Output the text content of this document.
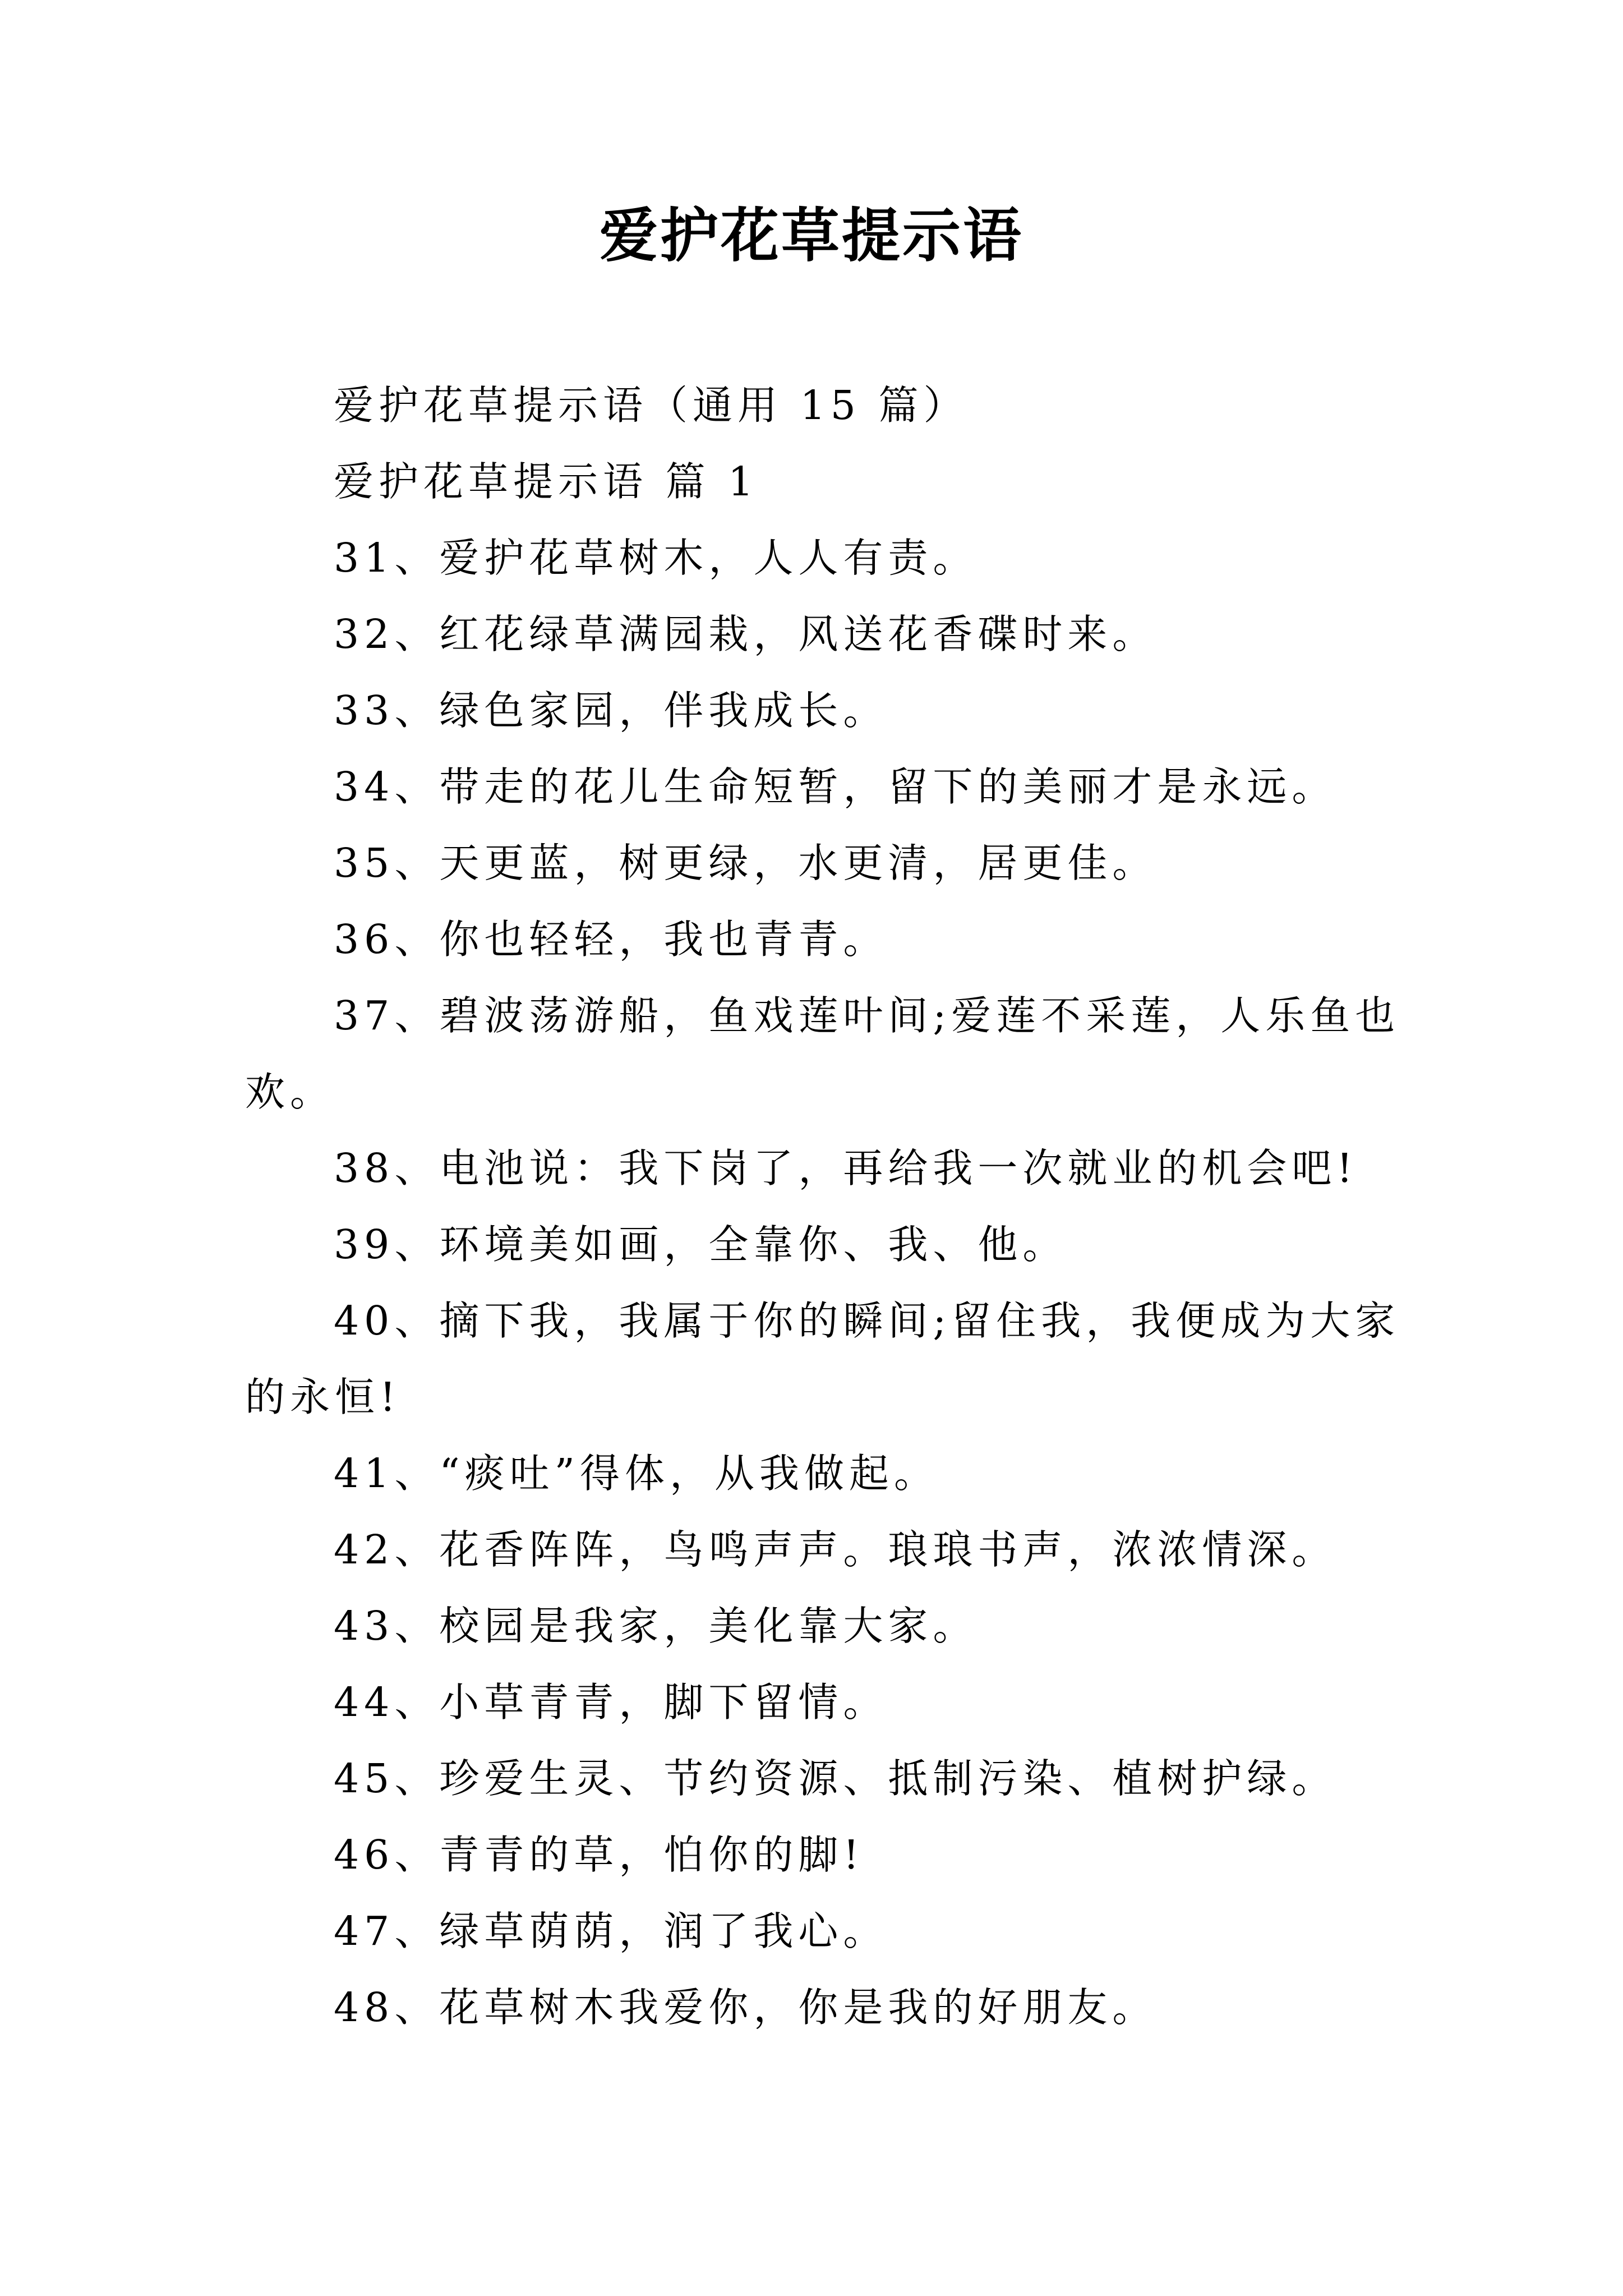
爱护花草提示语
爱护花草提示语（通用 15 篇）
爱护花草提示语 篇 1
31、爱护花草树木，人人有责。
32、红花绿草满园栽，风送花香碟时来。
33、绿色家园，伴我成长。
34、带走的花儿生命短暂，留下的美丽才是永远。
35、天更蓝，树更绿，水更清，居更佳。
36、你也轻轻，我也青青。
37、碧波荡游船，鱼戏莲叶间;爱莲不采莲，人乐鱼也
欢。
38、电池说：我下岗了，再给我一次就业的机会吧!
39、环境美如画，全靠你、我、他。
40、摘下我，我属于你的瞬间;留住我，我便成为大家
的永恒!
41、“痰吐”得体，从我做起。
42、花香阵阵，鸟鸣声声。琅琅书声，浓浓情深。
43、校园是我家，美化靠大家。
44、小草青青，脚下留情。
45、珍爱生灵、节约资源、抵制污染、植树护绿。
46、青青的草，怕你的脚!
47、绿草荫荫，润了我心。
48、花草树木我爱你，你是我的好朋友。
